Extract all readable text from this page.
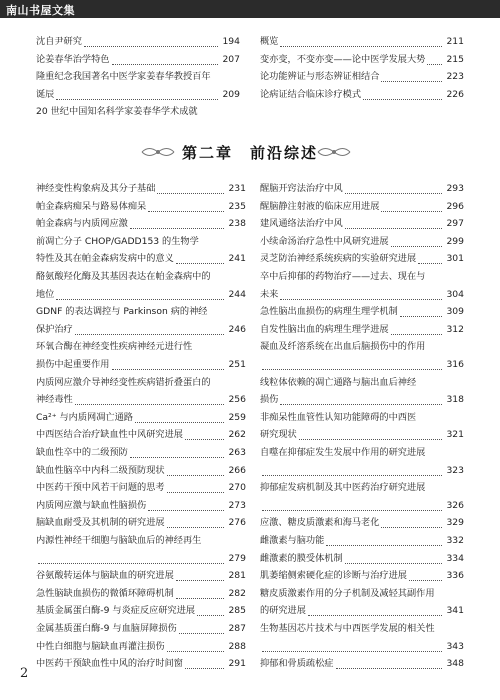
南山书屋文集
沈自尹研究	194
论姜春华治学特色	207
隆重纪念我国著名中医学家姜春华教授百年
诞辰	209
20 世纪中国知名科学家姜春华学术成就
概览	211
变亦变，不变亦变——论中医学发展大势 215
论功能辨证与形态辨证相结合	223
论病证结合临床诊疗模式	226
第二章　前沿综述
神经变性构象病及其分子基础	231
帕金森病痴呆与路易体痴呆	235
帕金森病与内质网应激	238
前凋亡分子 CHOP/GADD153 的生物学
特性及其在帕金森病发病中的意义	241
酪氨酸羟化酶及其基因表达在帕金森病中的
地位	244
GDNF 的表达调控与 Parkinson 病的神经
保护治疗	246
环氧合酶在神经变性疾病神经元进行性
损伤中起重要作用	251
内质网应激介导神经变性疾病错折叠蛋白的
神经毒性	256
Ca²⁺ 与内质网凋亡通路	259
中西医结合治疗缺血性中风研究进展	262
缺血性卒中的二级预防	263
缺血性脑卒中内科二级预防现状	266
中医药干预中风若干问题的思考	270
内质网应激与缺血性脑损伤	273
脑缺血耐受及其机制的研究进展	276
内源性神经干细胞与脑缺血后的神经再生
279
谷氨酸转运体与脑缺血的研究进展	281
急性脑缺血损伤的微循环障碍机制	282
基质金属蛋白酶-9 与炎症反应研究进展	285
金属基质蛋白酶-9 与血脑屏障损伤	287
中性白细胞与脑缺血再灌注损伤	288
中医药干预缺血性中风的治疗时间窗	291
醒脑开窍法治疗中风	293
醒脑静注射液的临床应用进展	296
建风通络法治疗中风	297
小续命汤治疗急性中风研究进展	299
灵芝防治神经系统疾病的实验研究进展	301
卒中后抑郁的药物治疗——过去、现在与
未来	304
急性脑出血损伤的病理生理学机制	309
自发性脑出血的病理生理学进展	312
凝血及纤溶系统在出血后脑损伤中的作用
316
线粒体依赖的凋亡通路与脑出血后神经
损伤	318
非痴呆性血管性认知功能障碍的中西医
研究现状	321
自噬在抑郁症发生发展中作用的研究进展
323
抑郁症发病机制及其中医药治疗研究进展
326
应激、糖皮质激素和海马老化	329
雌激素与脑功能	332
雌激素的膜受体机制	334
肌萎缩侧索硬化症的诊断与治疗进展	336
糖皮质激素作用的分子机制及减轻其副作用
的研究进展	341
生物基因芯片技术与中西医学发展的相关性
343
抑郁和骨质疏松症	348
2
